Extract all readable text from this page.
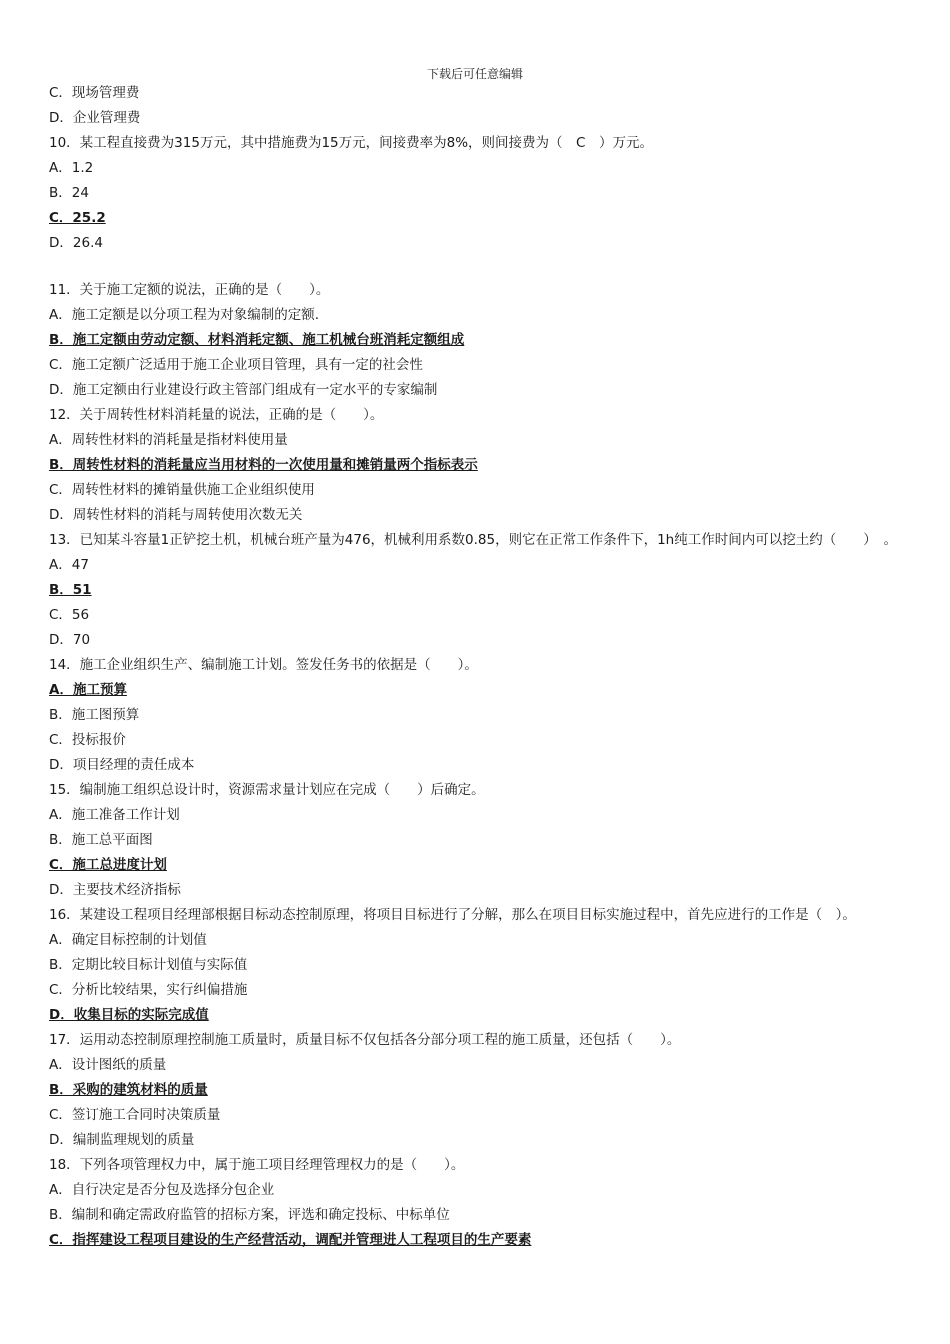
下载后可任意编辑
C．现场管理费
D．企业管理费
10．某工程直接费为315万元，其中措施费为15万元，间接费率为8%，则间接费为（　C　）万元。
A．1.2
B．24
C．25.2
D．26.4
11．关于施工定额的说法，正确的是（　　）。
A．施工定额是以分项工程为对象编制的定额.
B．施工定额由劳动定额、材料消耗定额、施工机械台班消耗定额组成
C．施工定额广泛适用于施工企业项目管理，具有一定的社会性
D．施工定额由行业建设行政主管部门组成有一定水平的专家编制
12．关于周转性材料消耗量的说法，正确的是（　　）。
A．周转性材料的消耗量是指材料使用量
B．周转性材料的消耗量应当用材料的一次使用量和摊销量两个指标表示
C．周转性材料的摊销量供施工企业组织使用
D．周转性材料的消耗与周转使用次数无关
13．已知某斗容量1正铲挖土机，机械台班产量为476，机械利用系数0.85，则它在正常工作条件下，1h纯工作时间内可以挖土约（　　）　。
A．47
B．51
C．56
D．70
14．施工企业组织生产、编制施工计划。签发任务书的依据是（　　）。
A．施工预算
B．施工图预算
C．投标报价
D．项目经理的责任成本
15．编制施工组织总设计时，资源需求量计划应在完成（　　）后确定。
A．施工准备工作计划
B．施工总平面图
C．施工总进度计划
D．主要技术经济指标
16．某建设工程项目经理部根据目标动态控制原理，将项目目标进行了分解，那么在项目目标实施过程中，首先应进行的工作是（　）。
A．确定目标控制的计划值
B．定期比较目标计划值与实际值
C．分析比较结果，实行纠偏措施
D．收集目标的实际完成值
17．运用动态控制原理控制施工质量时，质量目标不仅包括各分部分项工程的施工质量，还包括（　　）。
A．设计图纸的质量
B．采购的建筑材料的质量
C．签订施工合同时决策质量
D．编制监理规划的质量
18．下列各项管理权力中，属于施工项目经理管理权力的是（　　）。
A．自行决定是否分包及选择分包企业
B．编制和确定需政府监管的招标方案，评选和确定投标、中标单位
C．指挥建设工程项目建设的生产经营活动，调配并管理进人工程项目的生产要素
